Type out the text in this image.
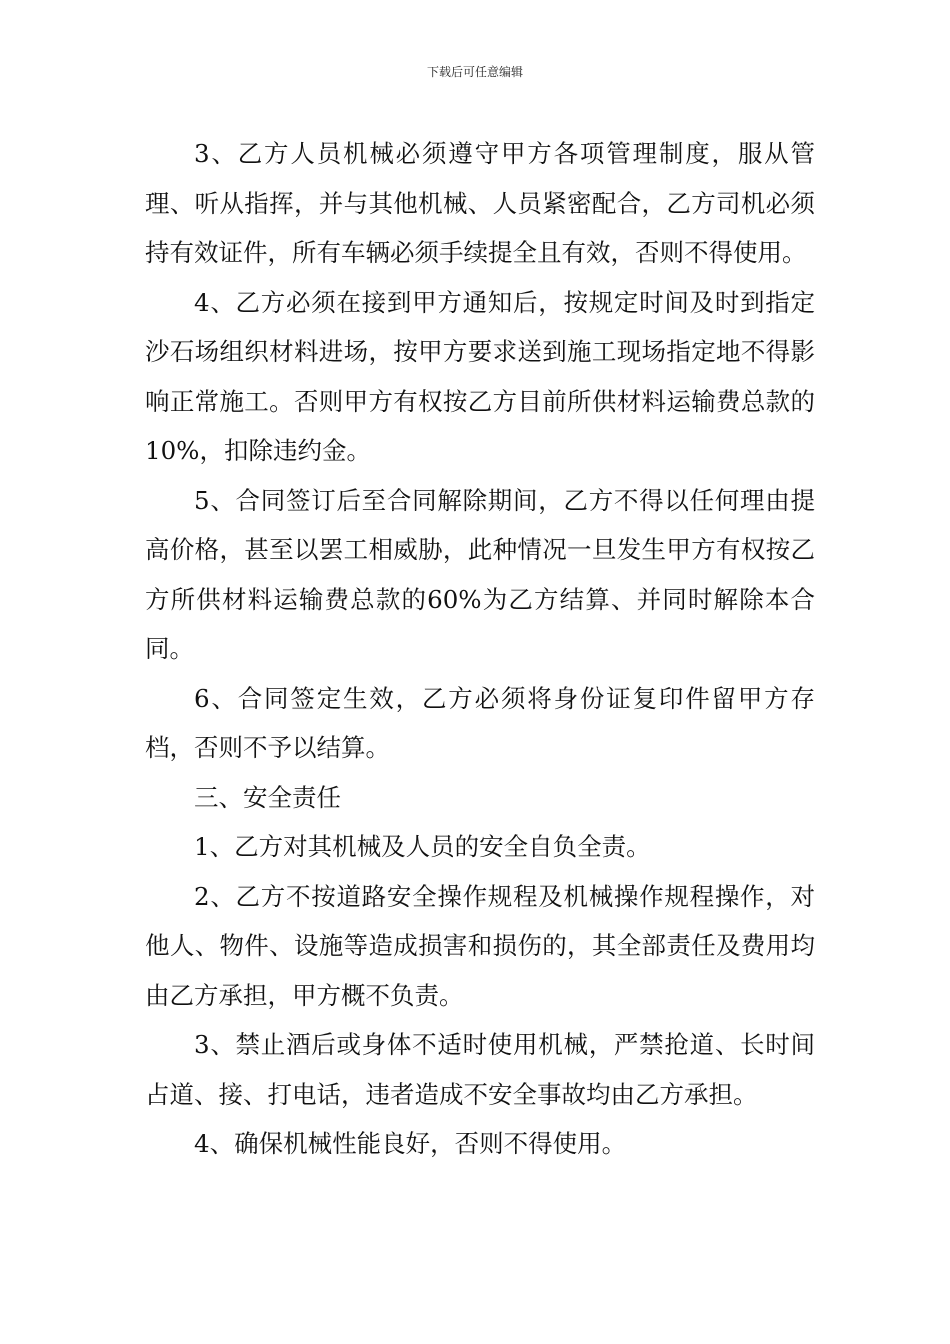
下载后可任意编辑

3、乙方人员机械必须遵守甲方各项管理制度，服从管理、听从指挥，并与其他机械、人员紧密配合，乙方司机必须持有效证件，所有车辆必须手续提全且有效，否则不得使用。

4、乙方必须在接到甲方通知后，按规定时间及时到指定沙石场组织材料进场，按甲方要求送到施工现场指定地不得影响正常施工。否则甲方有权按乙方目前所供材料运输费总款的10%，扣除违约金。

5、合同签订后至合同解除期间，乙方不得以任何理由提高价格，甚至以罢工相威胁，此种情况一旦发生甲方有权按乙方所供材料运输费总款的60%为乙方结算、并同时解除本合同。

6、合同签定生效，乙方必须将身份证复印件留甲方存档，否则不予以结算。

三、安全责任

1、乙方对其机械及人员的安全自负全责。

2、乙方不按道路安全操作规程及机械操作规程操作，对他人、物件、设施等造成损害和损伤的，其全部责任及费用均由乙方承担，甲方概不负责。

3、禁止酒后或身体不适时使用机械，严禁抢道、长时间占道、接、打电话，违者造成不安全事故均由乙方承担。

4、确保机械性能良好，否则不得使用。
